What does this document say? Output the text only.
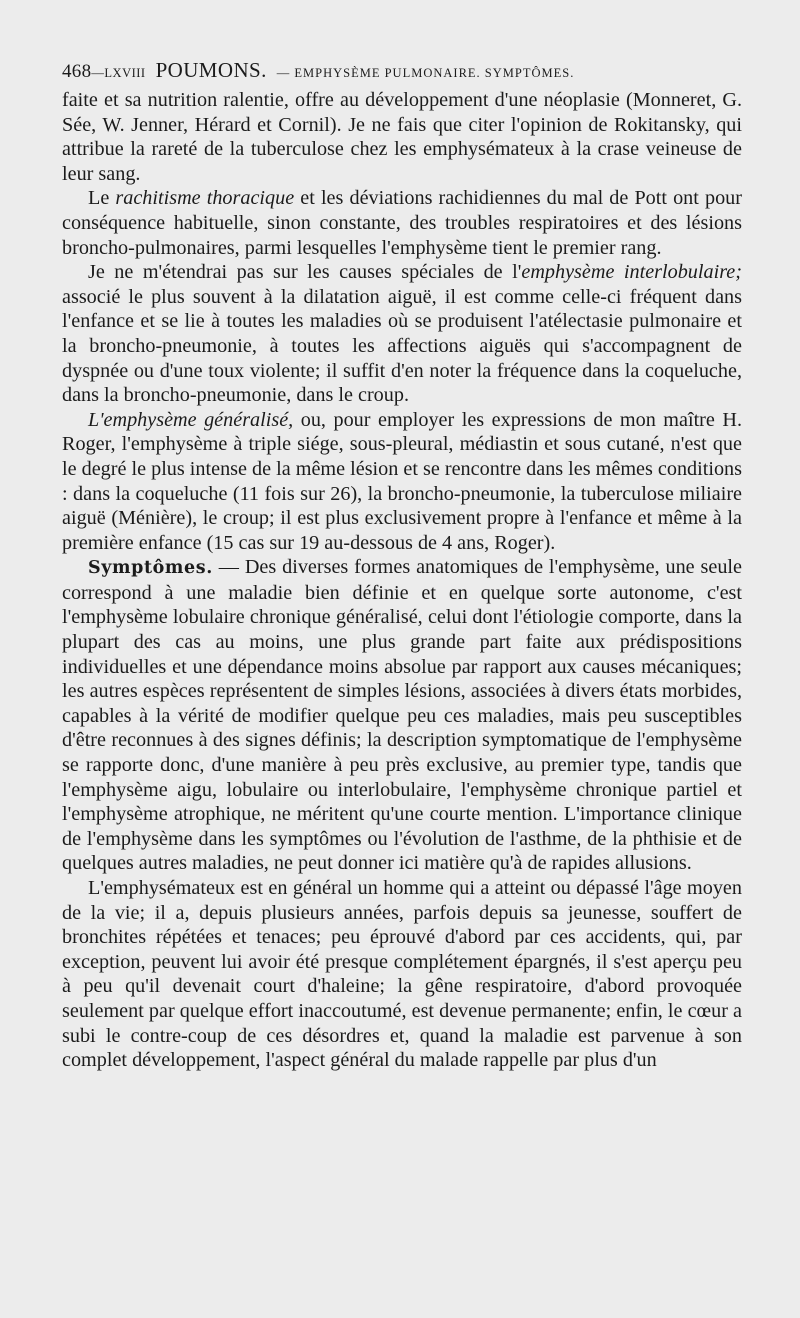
468 —LXVIII POUMONS. — EMPHYSÈME PULMONAIRE. SYMPTÔMES.

faite et sa nutrition ralentie, offre au développement d'une néoplasie (Monneret, G. Sée, W. Jenner, Hérard et Cornil). Je ne fais que citer l'opinion de Rokitansky, qui attribue la rareté de la tuberculose chez les emphysémateux à la crase veineuse de leur sang.

Le rachitisme thoracique et les déviations rachidiennes du mal de Pott ont pour conséquence habituelle, sinon constante, des troubles respiratoires et des lésions broncho-pulmonaires, parmi lesquelles l'emphysème tient le premier rang.

Je ne m'étendrai pas sur les causes spéciales de l'emphysème interlobulaire; associé le plus souvent à la dilatation aiguë, il est comme celle-ci fréquent dans l'enfance et se lie à toutes les maladies où se produisent l'atélectasie pulmonaire et la broncho-pneumonie, à toutes les affections aiguës qui s'accompagnent de dyspnée ou d'une toux violente; il suffit d'en noter la fréquence dans la coqueluche, dans la broncho-pneumonie, dans le croup.

L'emphysème généralisé, ou, pour employer les expressions de mon maître H. Roger, l'emphysème à triple siége, sous-pleural, médiastin et sous cutané, n'est que le degré le plus intense de la même lésion et se rencontre dans les mêmes conditions : dans la coqueluche (11 fois sur 26), la broncho-pneumonie, la tuberculose miliaire aiguë (Ménière), le croup; il est plus exclusivement propre à l'enfance et même à la première enfance (15 cas sur 19 au-dessous de 4 ans, Roger).

Symptômes. — Des diverses formes anatomiques de l'emphysème, une seule correspond à une maladie bien définie et en quelque sorte autonome, c'est l'emphysème lobulaire chronique généralisé, celui dont l'étiologie comporte, dans la plupart des cas au moins, une plus grande part faite aux prédispositions individuelles et une dépendance moins absolue par rapport aux causes mécaniques; les autres espèces représentent de simples lésions, associées à divers états morbides, capables à la vérité de modifier quelque peu ces maladies, mais peu susceptibles d'être reconnues à des signes définis; la description symptomatique de l'emphysème se rapporte donc, d'une manière à peu près exclusive, au premier type, tandis que l'emphysème aigu, lobulaire ou interlobulaire, l'emphysème chronique partiel et l'emphysème atrophique, ne méritent qu'une courte mention. L'importance clinique de l'emphysème dans les symptômes ou l'évolution de l'asthme, de la phthisie et de quelques autres maladies, ne peut donner ici matière qu'à de rapides allusions.

L'emphysémateux est en général un homme qui a atteint ou dépassé l'âge moyen de la vie; il a, depuis plusieurs années, parfois depuis sa jeunesse, souffert de bronchites répétées et tenaces; peu éprouvé d'abord par ces accidents, qui, par exception, peuvent lui avoir été presque complétement épargnés, il s'est aperçu peu à peu qu'il devenait court d'haleine; la gêne respiratoire, d'abord provoquée seulement par quelque effort inaccoutumé, est devenue permanente; enfin, le cœur a subi le contre-coup de ces désordres et, quand la maladie est parvenue à son complet développement, l'aspect général du malade rappelle par plus d'un
